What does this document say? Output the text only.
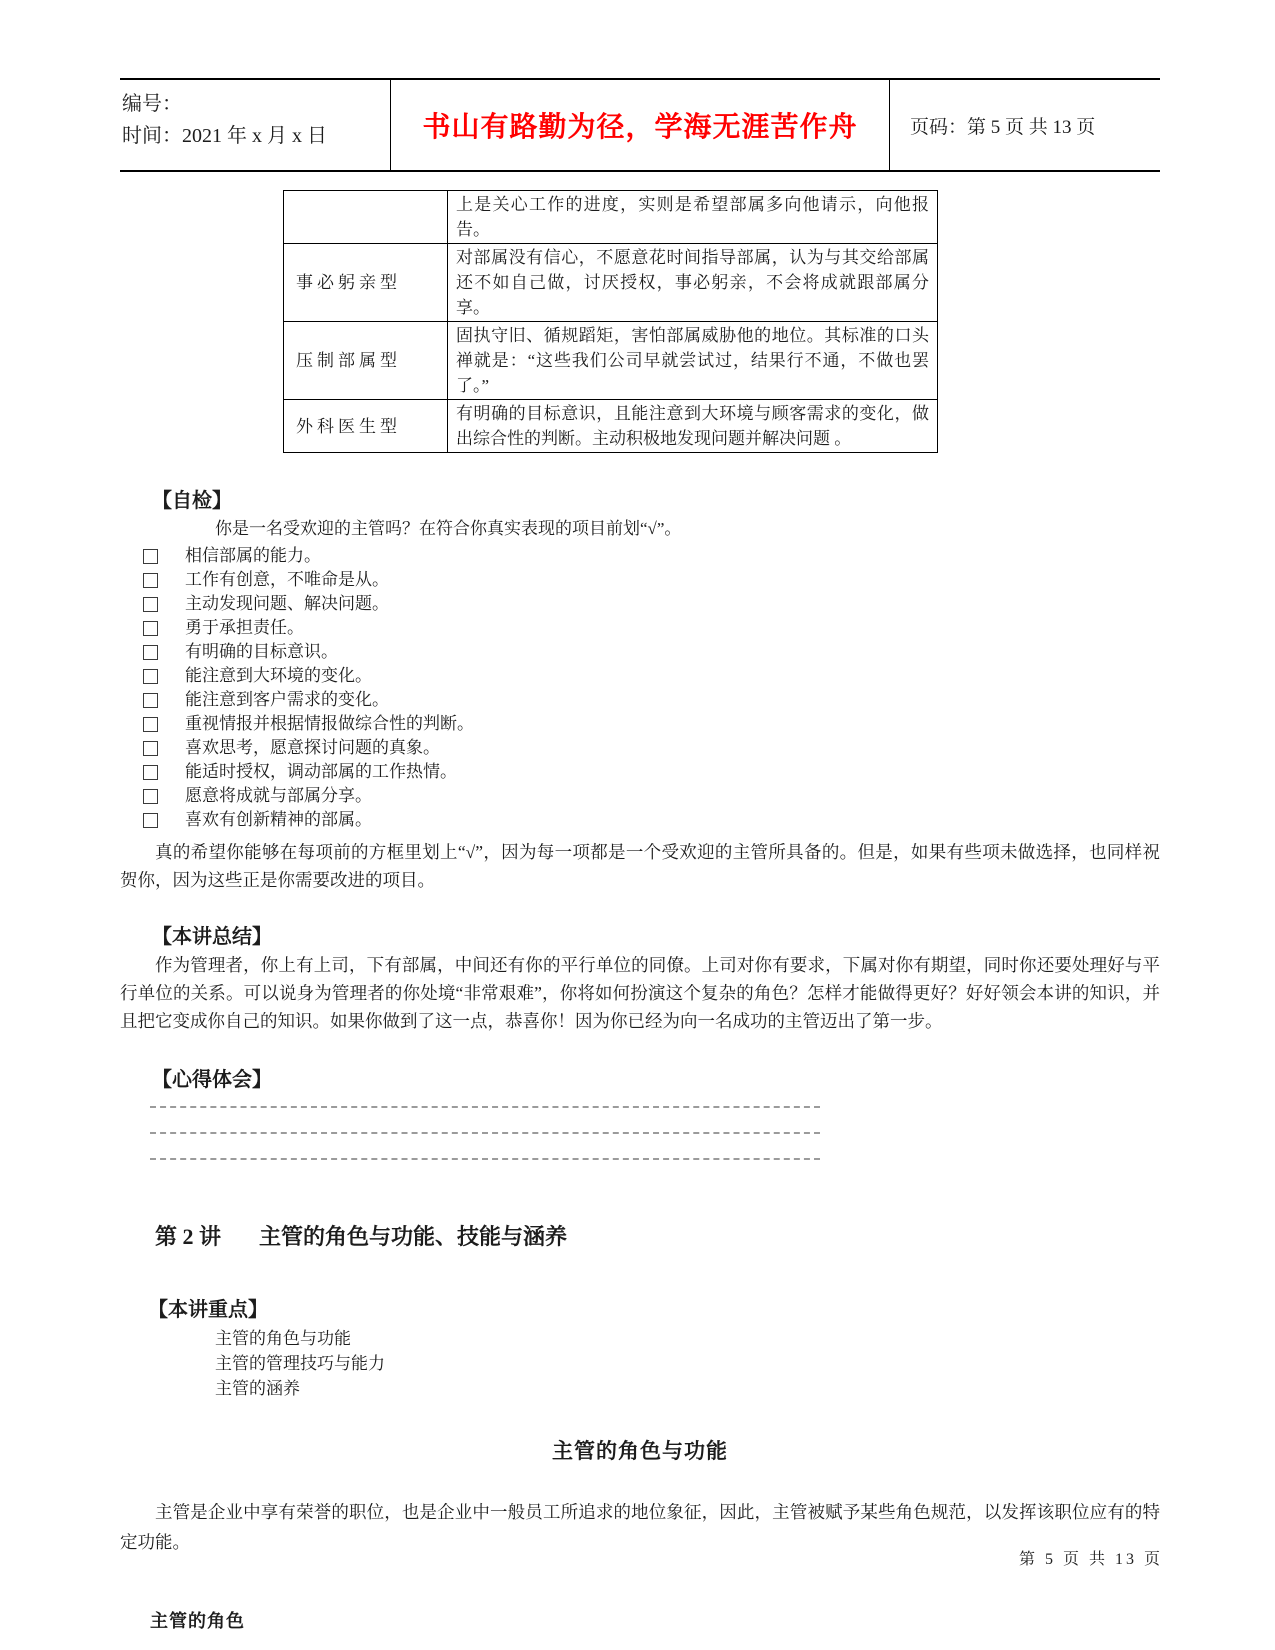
编号：
时间：2021 年 x 月 x 日	书山有路勤为径，学海无涯苦作舟	页码：第 5 页 共 13 页
	上是关心工作的进度，实则是希望部属多向他请示，向他报告。
事必躬亲型	对部属没有信心，不愿意花时间指导部属，认为与其交给部属还不如自己做，讨厌授权，事必躬亲，不会将成就跟部属分享。
压制部属型	固执守旧、循规蹈矩，害怕部属威胁他的地位。其标准的口头禅就是：“这些我们公司早就尝试过，结果行不通，不做也罢了。”
外科医生型	有明确的目标意识，且能注意到大环境与顾客需求的变化，做出综合性的判断。主动积极地发现问题并解决问题 。
【自检】
你是一名受欢迎的主管吗？在符合你真实表现的项目前划“√”。
相信部属的能力。
工作有创意，不唯命是从。
主动发现问题、解决问题。
勇于承担责任。
有明确的目标意识。
能注意到大环境的变化。
能注意到客户需求的变化。
重视情报并根据情报做综合性的判断。
喜欢思考，愿意探讨问题的真象。
能适时授权，调动部属的工作热情。
愿意将成就与部属分享。
喜欢有创新精神的部属。

真的希望你能够在每项前的方框里划上“√”，因为每一项都是一个受欢迎的主管所具备的。但是，如果有些项未做选择，也同样祝贺你，因为这些正是你需要改进的项目。

【本讲总结】

作为管理者，你上有上司，下有部属，中间还有你的平行单位的同僚。上司对你有要求，下属对你有期望，同时你还要处理好与平行单位的关系。可以说身为管理者的你处境“非常艰难”，你将如何扮演这个复杂的角色？怎样才能做得更好？好好领会本讲的知识，并且把它变成你自己的知识。如果你做到了这一点，恭喜你！因为你已经为向一名成功的主管迈出了第一步。

【心得体会】
第 2 讲 主管的角色与功能、技能与涵养
【本讲重点】
主管的角色与功能
主管的管理技巧与能力
主管的涵养
主管的角色与功能

主管是企业中享有荣誉的职位，也是企业中一般员工所追求的地位象征，因此，主管被赋予某些角色规范，以发挥该职位应有的特定功能。

主管的角色
第 5 页 共 13 页
